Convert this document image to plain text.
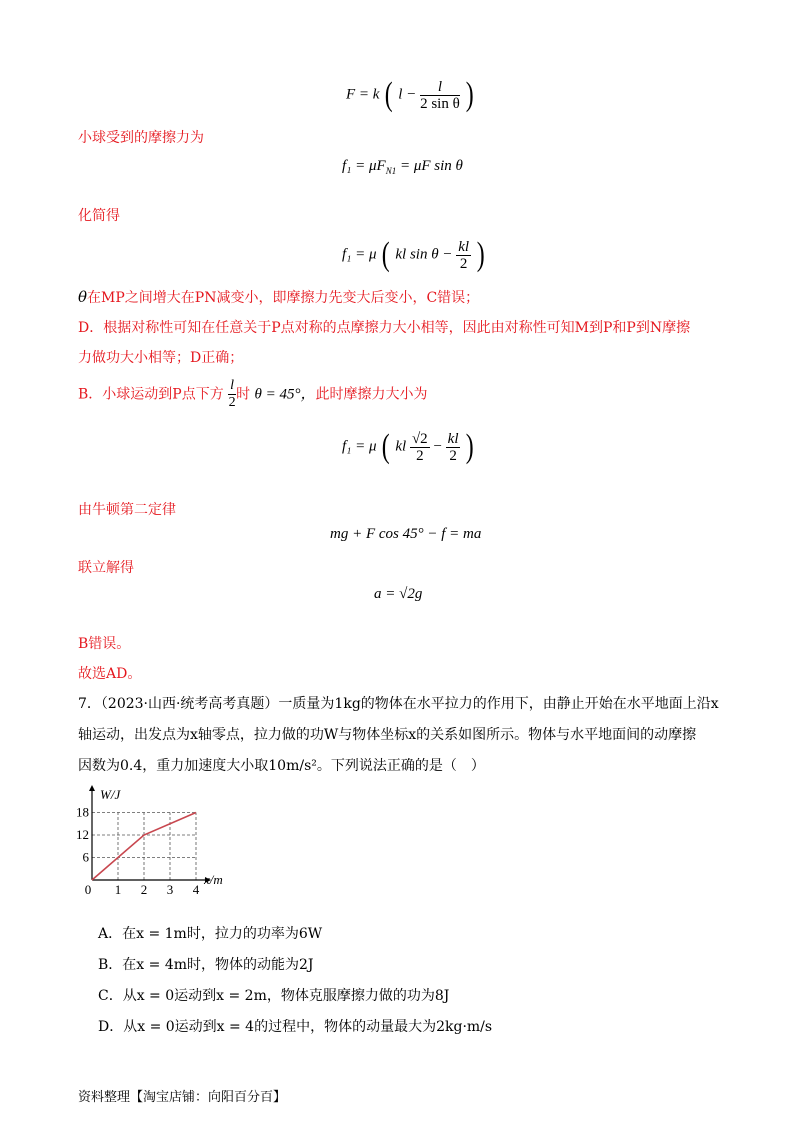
F = k ( $l - \frac{l}{\text{2 sin θ}}$ )
小球受到的摩擦力为
$f_1 = \mu F_{N1} = \mu F$ sin θ
化简得
f₁ = μ ( kl $\sin \theta - \frac{kl}{2}$ )
θ在MP之间增大在PN减变小，即摩擦力先变大后变小，C错误；
D．根据对称性可知在任意关于P点对称的点摩擦力大小相等，因此由对称性可知M到P和P到N摩擦
力做功大小相等；D正确；
B．小球运动到P点下方 $\frac{l}{2}$ 时 θ = 45°，此时摩擦力大小为
f₁ = μ ( kl $\frac{√2}{2} - \frac{kl}{2}$ )
由牛顿第二定律
mg + F cos 45° − f = ma
联立解得
a = √2g
B错误。
故选AD。
7．（2023·山西·统考高考真题）一质量为1kg的物体在水平拉力的作用下，由静止开始在水平地面上沿x
轴运动，出发点为x轴零点，拉力做的功W与物体坐标x的关系如图所示。物体与水平地面间的动摩擦
因数为0.4，重力加速度大小取10m/s²。下列说法正确的是（　）
0 1 2 3 4
6
12
18
W/J
x/m
A．在x = 1m时，拉力的功率为6W
B．在x = 4m时，物体的动能为2J
C．从x = 0运动到x = 2m，物体克服摩擦力做的功为8J
D．从x = 0运动到x = 4的过程中，物体的动量最大为2kg·m/s
资料整理【淘宝店铺：向阳百分百】
